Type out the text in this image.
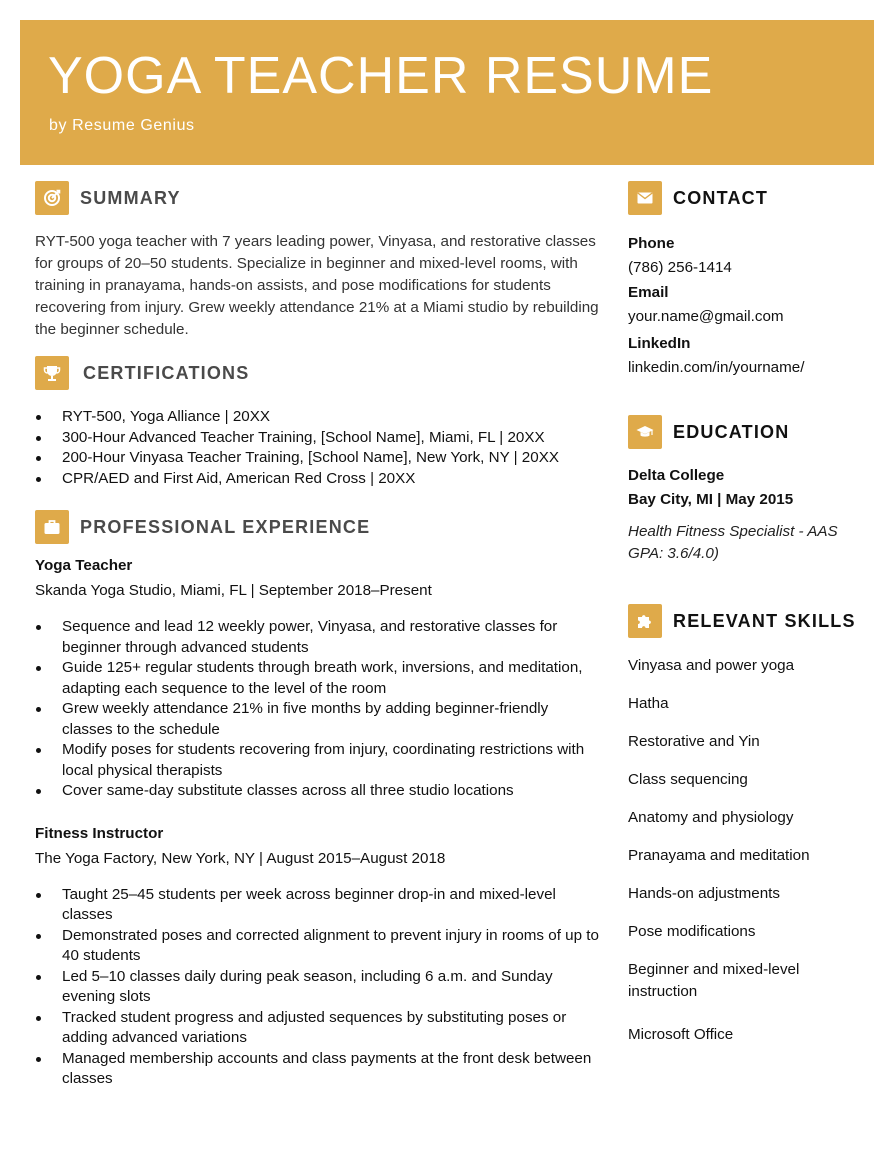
YOGA TEACHER RESUME
by Resume Genius
SUMMARY

RYT-500 yoga teacher with 7 years leading power, Vinyasa, and restorative classes for groups of 20–50 students. Specialize in beginner and mixed-level rooms, with training in pranayama, hands-on assists, and pose modifications for students recovering from injury. Grew weekly attendance 21% at a Miami studio by rebuilding the beginner schedule.

CERTIFICATIONS
RYT-500, Yoga Alliance | 20XX
300-Hour Advanced Teacher Training, [School Name], Miami, FL | 20XX
200-Hour Vinyasa Teacher Training, [School Name], New York, NY | 20XX
CPR/AED and First Aid, American Red Cross | 20XX
PROFESSIONAL EXPERIENCE
Yoga Teacher
Skanda Yoga Studio, Miami, FL | September 2018–Present
Sequence and lead 12 weekly power, Vinyasa, and restorative classes for beginner through advanced students
Guide 125+ regular students through breath work, inversions, and meditation, adapting each sequence to the level of the room
Grew weekly attendance 21% in five months by adding beginner-friendly classes to the schedule
Modify poses for students recovering from injury, coordinating restrictions with local physical therapists
Cover same-day substitute classes across all three studio locations
Fitness Instructor
The Yoga Factory, New York, NY | August 2015–August 2018
Taught 25–45 students per week across beginner drop-in and mixed-level classes
Demonstrated poses and corrected alignment to prevent injury in rooms of up to 40 students
Led 5–10 classes daily during peak season, including 6 a.m. and Sunday evening slots
Tracked student progress and adjusted sequences by substituting poses or adding advanced variations
Managed membership accounts and class payments at the front desk between classes
CONTACT
Phone
(786) 256-1414
Email
your.name@gmail.com
LinkedIn
linkedin.com/in/yourname/
EDUCATION
Delta College
Bay City, MI | May 2015
Health Fitness Specialist - AAS
GPA: 3.6/4.0)
RELEVANT SKILLS
Vinyasa and power yoga
Hatha
Restorative and Yin
Class sequencing
Anatomy and physiology
Pranayama and meditation
Hands-on adjustments
Pose modifications
Beginner and mixed-level instruction
Microsoft Office
